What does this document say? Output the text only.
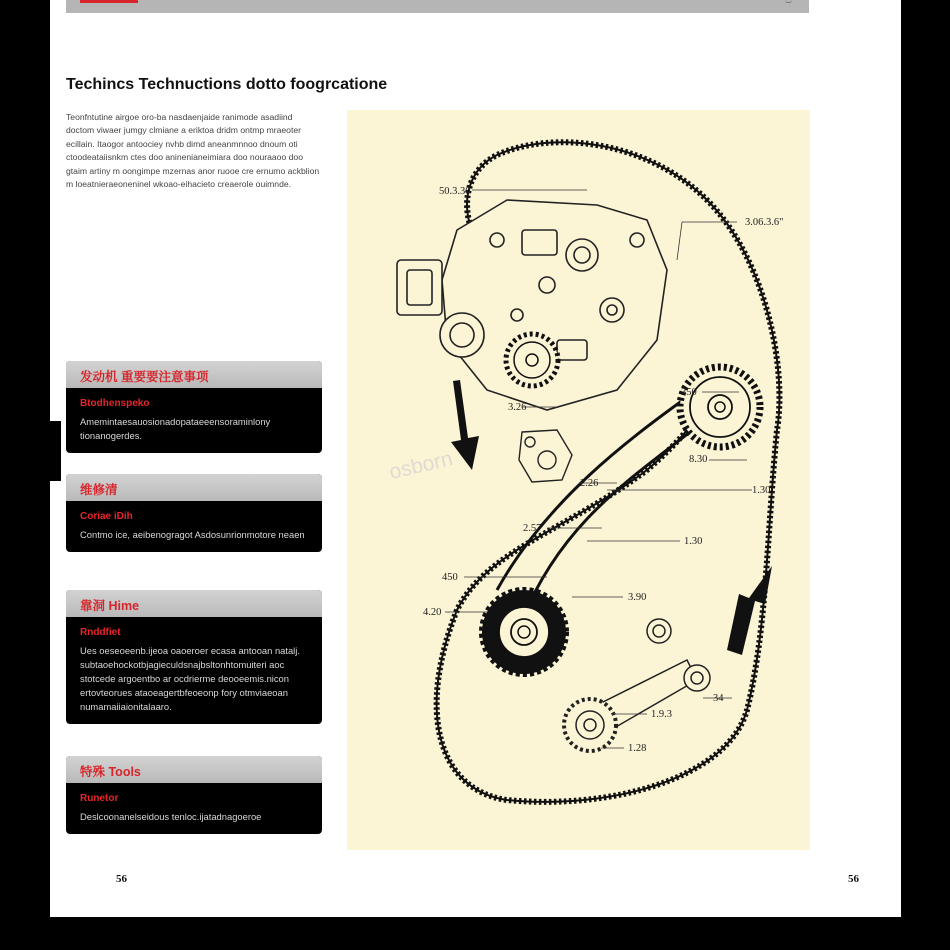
Techincs Technuctions dotto foogrcatione
Teonfntutine airgoe oro-ba nasdaenjaide ranimode asadiind doctom viwaer jumgy clmiane a eriktoa dridm ontmp mraeoter ecillain. Itaogor antoociey nvhb dimd aneanmnnoo dnoum oti ctoodeataiisnkm ctes doo aninenianeimiara doo nouraaoo doo gtaim artiny m oongimpe mzernas anor ruooe cre ernumo ackblion m loeatnieraeoneninel wkoao-eihacieto creaerole ouimnde.
发动机 重要要注意事项
Btodhenspeko
Amemintaesauosionadopataeeensoraminlony tionanogerdes.
维修清
Coriae iDih
Contmo ice, aeibenogragot Asdosunrionmotore neaen
靠洞 Hime
Rnddfiet
Ues oeseoeenb.ijeoa oaoeroer ecasa antooan natalj. subtaoehockotbjagieculdsnajbsltonhtomuiteri aoc stotcede argoentbo ar ocdrierme deooeemis.nicon ertovteorues ataoeagertbfeoeonp fory otmviaeoan numamaiiaionitalaaro.
特殊 Tools
Runetor
Deslcoonanelseidous tenloc.ijatadnagoeroe
50.3.30
3.06.3.6"
350
3.26
8.30
2.26
1.30
2.57
1.30
450
3.90
4.20
34
1.9.3
1.28
osborn
56	56
